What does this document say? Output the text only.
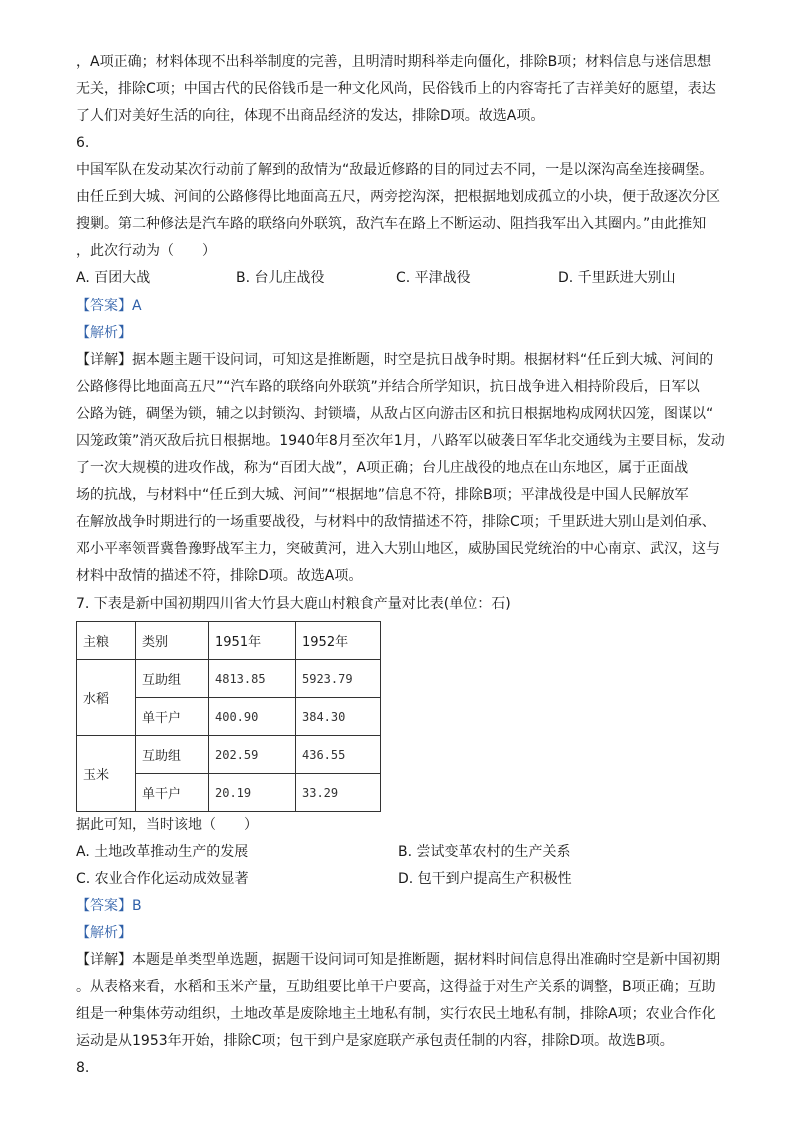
，A项正确；材料体现不出科举制度的完善，且明清时期科举走向僵化，排除B项；材料信息与迷信思想
无关，排除C项；中国古代的民俗钱币是一种文化风尚，民俗钱币上的内容寄托了吉祥美好的愿望，表达
了人们对美好生活的向往，体现不出商品经济的发达，排除D项。故选A项。
6.
中国军队在发动某次行动前了解到的敌情为“敌最近修路的目的同过去不同，一是以深沟高垒连接碉堡。
由任丘到大城、河间的公路修得比地面高五尺，两旁挖沟深，把根据地划成孤立的小块，便于敌逐次分区
搜剿。第二种修法是汽车路的联络向外联筑，敌汽车在路上不断运动、阻挡我军出入其圈内。”由此推知
，此次行动为（　　）
A. 百团大战	B. 台儿庄战役	C. 平津战役	D. 千里跃进大别山
【答案】A
【解析】
【详解】据本题主题干设问词，可知这是推断题，时空是抗日战争时期。根据材料“任丘到大城、河间的
公路修得比地面高五尺”“汽车路的联络向外联筑”并结合所学知识，抗日战争进入相持阶段后，日军以
公路为链，碉堡为锁，辅之以封锁沟、封锁墙，从敌占区向游击区和抗日根据地构成网状囚笼，图谋以“
囚笼政策”消灭敌后抗日根据地。1940年8月至次年1月，八路军以破袭日军华北交通线为主要目标，发动
了一次大规模的进攻作战，称为“百团大战”，A项正确；台儿庄战役的地点在山东地区，属于正面战
场的抗战，与材料中“任丘到大城、河间”“根据地”信息不符，排除B项；平津战役是中国人民解放军
在解放战争时期进行的一场重要战役，与材料中的敌情描述不符，排除C项；千里跃进大别山是刘伯承、
邓小平率领晋冀鲁豫野战军主力，突破黄河，进入大别山地区，威胁国民党统治的中心南京、武汉，这与
材料中敌情的描述不符，排除D项。故选A项。
7. 下表是新中国初期四川省大竹县大鹿山村粮食产量对比表(单位：石)
主粮	类别	1951年	1952年
水稻	互助组	4813.85	5923.79
	单干户	400.90	384.30
玉米	互助组	202.59	436.55
	单干户	20.19	33.29
据此可知，当时该地（　　）
A. 土地改革推动生产的发展	B. 尝试变革农村的生产关系
C. 农业合作化运动成效显著	D. 包干到户提高生产积极性
【答案】B
【解析】
【详解】本题是单类型单选题，据题干设问词可知是推断题，据材料时间信息得出准确时空是新中国初期
。从表格来看，水稻和玉米产量，互助组要比单干户要高，这得益于对生产关系的调整，B项正确；互助
组是一种集体劳动组织，土地改革是废除地主土地私有制，实行农民土地私有制，排除A项；农业合作化
运动是从1953年开始，排除C项；包干到户是家庭联产承包责任制的内容，排除D项。故选B项。
8.
